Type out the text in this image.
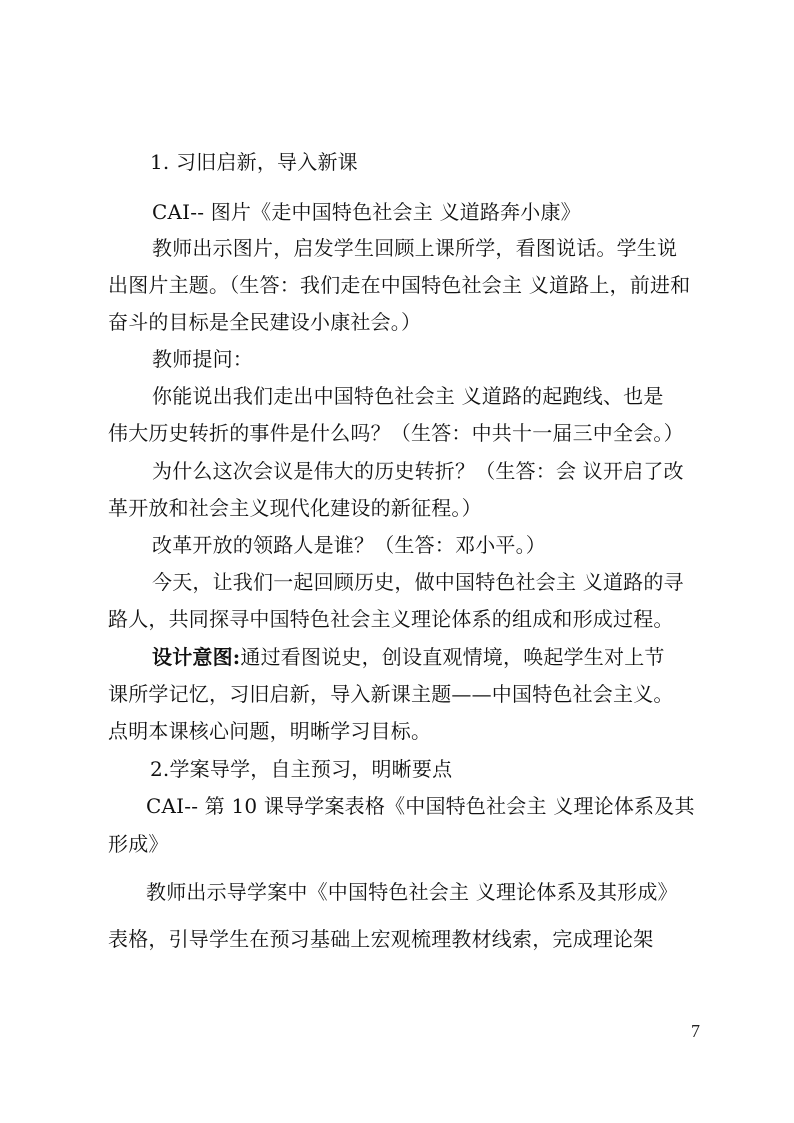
1. 习旧启新，导入新课
CAI-- 图片《走中国特色社会主 义道路奔小康》
教师出示图片，启发学生回顾上课所学，看图说话。学生说
出图片主题。（生答：我们走在中国特色社会主 义道路上，前进和
奋斗的目标是全民建设小康社会。）
教师提问：
你能说出我们走出中国特色社会主 义道路的起跑线、也是
伟大历史转折的事件是什么吗？（生答：中共十一届三中全会。）
为什么这次会议是伟大的历史转折？（生答：会 议开启了改
革开放和社会主义现代化建设的新征程。）
改革开放的领路人是谁？（生答：邓小平。）
今天，让我们一起回顾历史，做中国特色社会主 义道路的寻
路人，共同探寻中国特色社会主义理论体系的组成和形成过程。
设计意图:通过看图说史，创设直观情境，唤起学生对上节
课所学记忆，习旧启新，导入新课主题——中国特色社会主义。
点明本课核心问题，明晰学习目标。
2.学案导学，自主预习，明晰要点
CAI-- 第 10 课导学案表格《中国特色社会主 义理论体系及其
形成》
教师出示导学案中《中国特色社会主 义理论体系及其形成》
表格，引导学生在预习基础上宏观梳理教材线索，完成理论架
7
